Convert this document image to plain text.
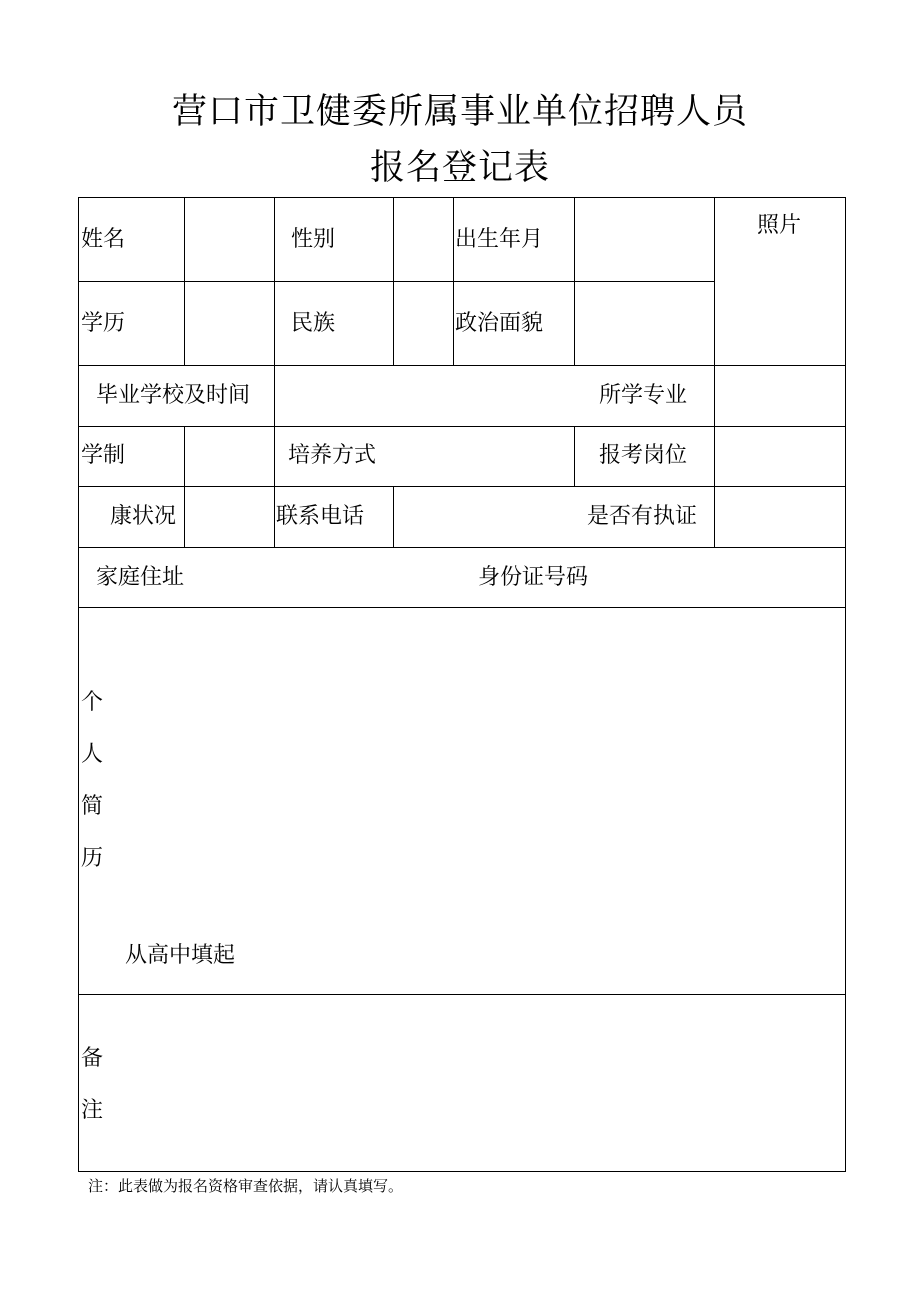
营口市卫健委所属事业单位招聘人员
报名登记表
姓名	性别	出生年月
照片
学历	民族	政治面貌
毕业学校及时间	所学专业
学制	培养方式	报考岗位
康状况	联系电话	是否有执证
家庭住址	身份证号码
个
人
简
历
从高中填起
备
注
注：此表做为报名资格审查依据，请认真填写。
